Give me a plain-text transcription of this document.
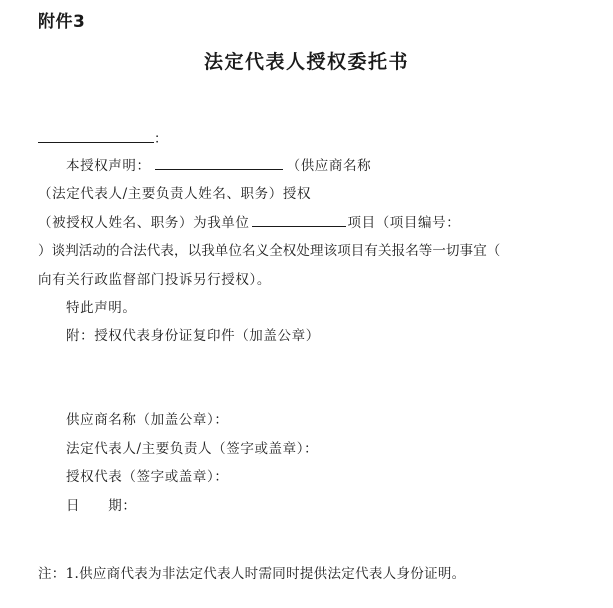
附件3
法定代表人授权委托书
：
本授权声明：	（供应商名称
（法定代表人/主要负责人姓名、职务）授权
（被授权人姓名、职务）为我单位	项目（项目编号：
）谈判活动的合法代表，以我单位名义全权处理该项目有关报名等一切事宜（
向有关行政监督部门投诉另行授权）。
特此声明。
附：授权代表身份证复印件（加盖公章）
供应商名称（加盖公章）：
法定代表人/主要负责人（签字或盖章）：
授权代表（签字或盖章）：
日　　期：
注：1.供应商代表为非法定代表人时需同时提供法定代表人身份证明。
